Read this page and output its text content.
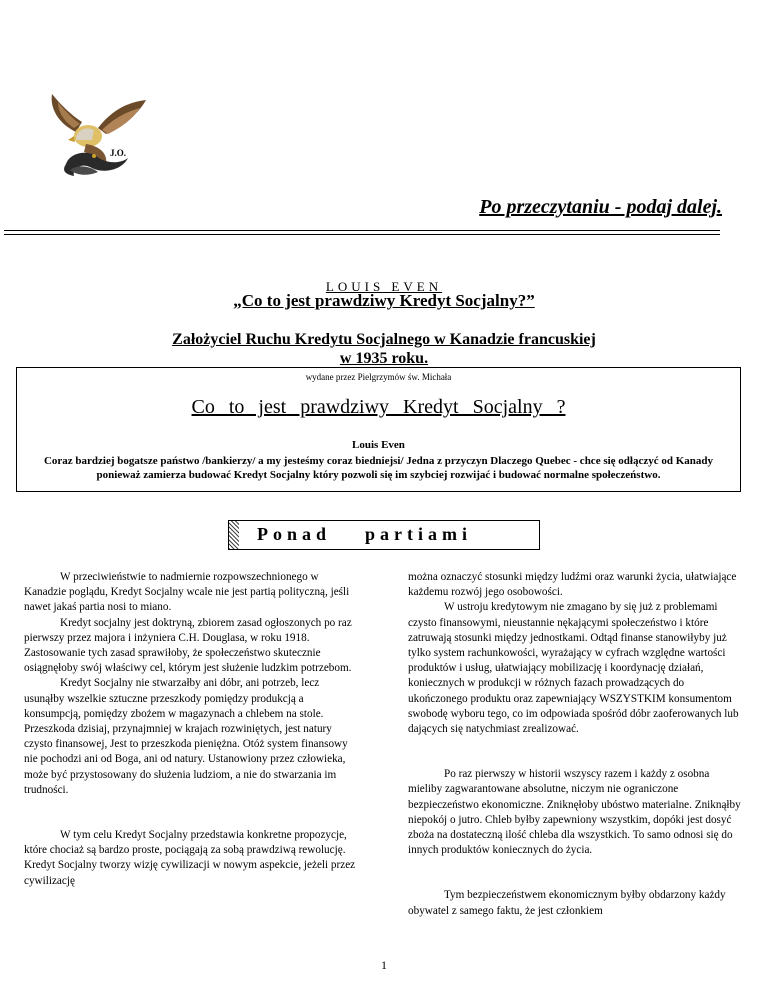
J.O.
Po przeczytaniu - podaj dalej.
LOUIS EVEN
„Co to jest prawdziwy Kredyt Socjalny?”
Założyciel Ruchu Kredytu Socjalnego w Kanadzie francuskiej
w 1935 roku.
wydane przez Pielgrzymów św. Michała
Co to jest prawdziwy Kredyt Socjalny ?
Louis Even
Coraz bardziej bogatsze państwo /bankierzy/ a my jesteśmy coraz biedniejsi/ Jedna z przyczyn Dlaczego Quebec - chce się odłączyć od Kanady ponieważ zamierza budować Kredyt Socjalny który pozwoli się im szybciej rozwijać i budować normalne społeczeństwo.
Ponad partiami

W przeciwieństwie to nadmiernie rozpowszechnionego w Kanadzie poglądu, Kredyt Socjalny wcale nie jest partią polityczną, jeśli nawet jakaś partia nosi to miano.

Kredyt socjalny jest doktryną, zbiorem zasad ogłoszonych po raz pierwszy przez majora i inżyniera C.H. Douglasa, w roku 1918. Zastosowanie tych zasad sprawiłoby, że społeczeństwo skutecznie osiągnęłoby swój właściwy cel, którym jest służenie ludzkim potrzebom.

Kredyt Socjalny nie stwarzałby ani dóbr, ani potrzeb, lecz usunąłby wszelkie sztuczne przeszkody pomiędzy produkcją a konsumpcją, pomiędzy zbożem w magazynach a chlebem na stole.

Przeszkoda dzisiaj, przynajmniej w krajach rozwiniętych, jest natury czysto finansowej, Jest to przeszkoda pieniężna. Otóż system finansowy nie pochodzi ani od Boga, ani od natury. Ustanowiony przez człowieka, może być przystosowany do służenia ludziom, a nie do stwarzania im trudności.

W tym celu Kredyt Socjalny przedstawia konkretne propozycje, które chociaż są bardzo proste, pociągają za sobą prawdziwą rewolucję. Kredyt Socjalny tworzy wizję cywilizacji w nowym aspekcie, jeżeli przez cywilizację

można oznaczyć stosunki między ludźmi oraz warunki życia, ułatwiające każdemu rozwój jego osobowości.

W ustroju kredytowym nie zmagano by się już z problemami czysto finansowymi, nieustannie nękającymi społeczeństwo i które zatruwają stosunki między jednostkami. Odtąd finanse stanowiłyby już tylko system rachunkowości, wyrażający w cyfrach względne wartości produktów i usług, ułatwiający mobilizację i koordynację działań, koniecznych w produkcji w różnych fazach prowadzących do ukończonego produktu oraz zapewniający WSZYSTKIM konsumentom swobodę wyboru tego, co im odpowiada spośród dóbr zaoferowanych lub dających się natychmiast zrealizować.

Po raz pierwszy w historii wszyscy razem i każdy z osobna mieliby zagwarantowane absolutne, niczym nie ograniczone bezpieczeństwo ekonomiczne. Zniknęłoby ubóstwo materialne. Zniknąłby niepokój o jutro. Chleb byłby zapewniony wszystkim, dopóki jest dosyć zboża na dostateczną ilość chleba dla wszystkich. To samo odnosi się do innych produktów koniecznych do życia.

Tym bezpieczeństwem ekonomicznym byłby obdarzony każdy obywatel z samego faktu, że jest członkiem

1
